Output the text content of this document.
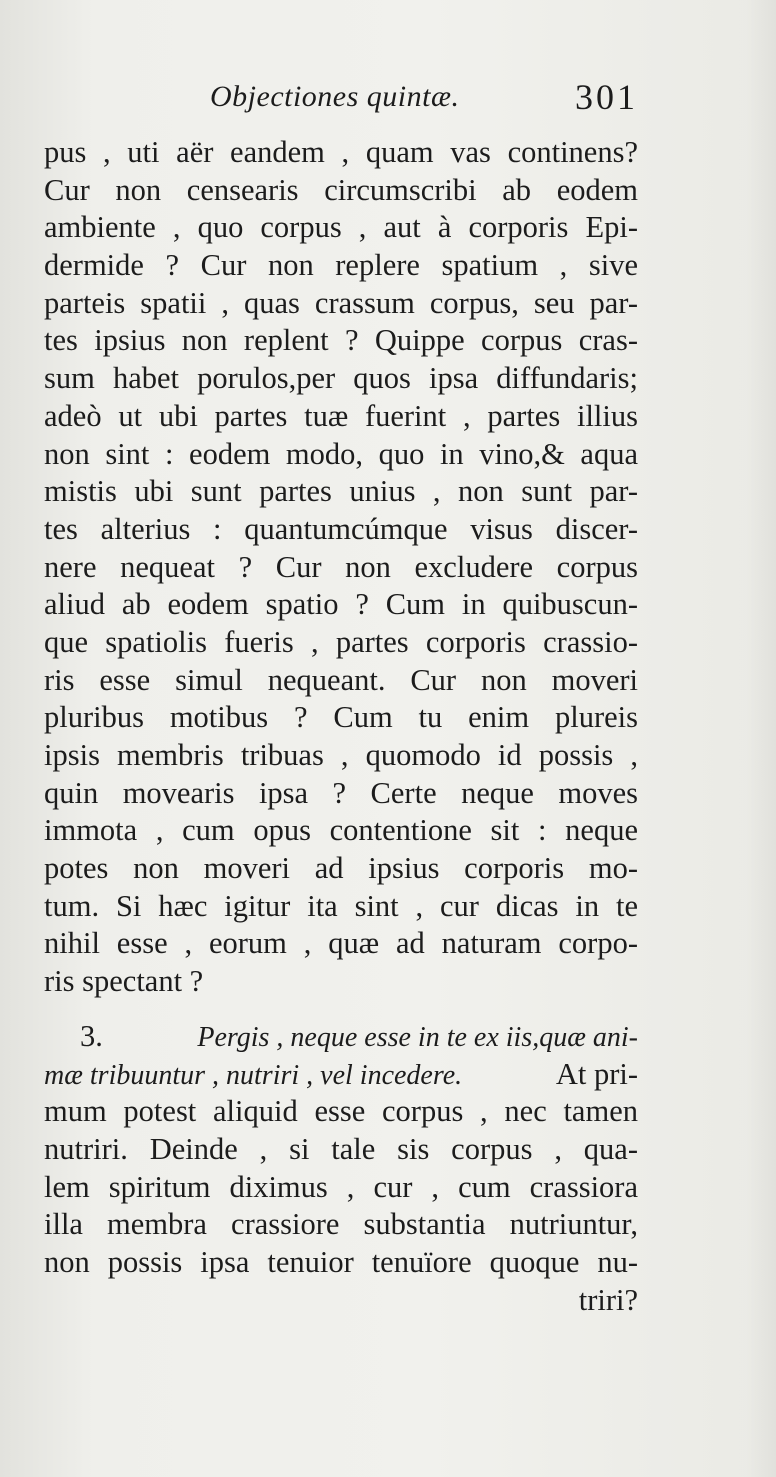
Objectiones quintæ.	301
pus , uti aër eandem , quam vas continens?
Cur non censearis circumscribi ab eodem
ambiente , quo corpus , aut à corporis Epi-
dermide ? Cur non replere spatium , sive
parteis spatii , quas crassum corpus, seu par-
tes ipsius non replent ? Quippe corpus cras-
sum habet porulos,per quos ipsa diffundaris;
adeò ut ubi partes tuæ fuerint , partes illius
non sint : eodem modo, quo in vino,& aqua
mistis ubi sunt partes unius , non sunt par-
tes alterius : quantumcúmque visus discer-
nere nequeat ? Cur non excludere corpus
aliud ab eodem spatio ? Cum in quibuscun-
que spatiolis fueris , partes corporis crassio-
ris esse simul nequeant. Cur non moveri
pluribus motibus ? Cum tu enim plureis
ipsis membris tribuas , quomodo id possis ,
quin movearis ipsa ? Certe neque moves
immota , cum opus contentione sit : neque
potes non moveri ad ipsius corporis mo-
tum. Si hæc igitur ita sint , cur dicas in te
nihil esse , eorum , quæ ad naturam corpo-
ris spectant ?
3.	Pergis , neque esse in te ex iis,quæ ani-
mæ tribuuntur , nutriri , vel incedere.	At pri-
mum potest aliquid esse corpus , nec tamen
nutriri. Deinde , si tale sis corpus , qua-
lem spiritum diximus , cur , cum crassiora
illa membra crassiore substantia nutriuntur,
non possis ipsa tenuior tenuïore quoque nu-
triri?
